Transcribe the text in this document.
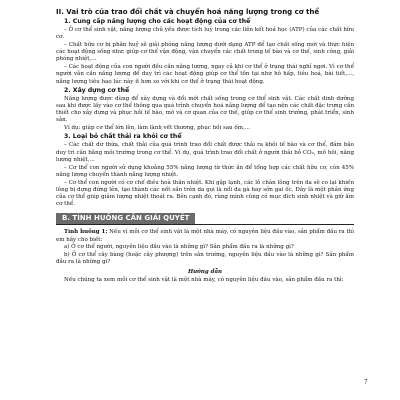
II. Vai trò của trao đổi chất và chuyển hoá năng lượng trong cơ thể
1. Cung cấp năng lượng cho các hoạt động của cơ thể

– Ở cơ thể sinh vật, năng lượng chủ yếu được tích luỹ trong các liên kết hoá học (ATP) của các chất hữu cơ.

– Chất hữu cơ bị phân huỷ sẽ giải phóng năng lượng dưới dạng ATP để tạo chất sống mới và thực hiện các hoạt động sống như: giúp cơ thể vận động, vận chuyển các chất trong tế bào và cơ thể, sinh công, giải phóng nhiệt,...

– Các hoạt động của con người đều cần năng lượng, ngay cả khi cơ thể ở trạng thái nghỉ ngơi. Vì cơ thể người vẫn cần năng lượng để duy trì các hoạt động giúp cơ thể tồn tại như hô hấp, tiêu hoá, bài tiết,..., năng lượng tiêu hao lúc này ít hơn so với khi cơ thể ở trạng thái hoạt động.

2. Xây dựng cơ thể

Năng lượng được dùng để xây dựng và đổi mới chất sống trong cơ thể sinh vật. Các chất dinh dưỡng sau khi được lấy vào cơ thể thông qua quá trình chuyển hoá năng lượng để tạo nên các chất đặc trưng cần thiết cho xây dựng và phục hồi tế bào, mô và cơ quan của cơ thể, giúp cơ thể sinh trưởng, phát triển, sinh sản.

Ví dụ: giúp cơ thể lớn lên, làm lành vết thương, phục hồi sau ốm,...

3. Loại bỏ chất thải ra khỏi cơ thể

– Các chất dư thừa, chất thải của quá trình trao đổi chất được thải ra khỏi tế bào và cơ thể, đảm bảo duy trì cân bằng môi trường trong cơ thể. Ví dụ, quá trình trao đổi chất ở người thải bỏ CO₂, mồ hôi, năng lượng nhiệt,...

– Cơ thể con người sử dụng khoảng 55% năng lượng từ thức ăn để tổng hợp các chất hữu cơ, còn 45% năng lượng chuyển thành năng lượng nhiệt.

– Cơ thể con người có cơ chế điều hoà thân nhiệt. Khi gặp lạnh, các lỗ chân lông trên da sẽ co lại khiến lông bị dựng đứng lên, tạo thành các nốt sần trên da gọi là nổi da gà hay sởn gai ốc. Đây là một phản ứng của cơ thể giúp giảm lượng nhiệt thoát ra. Bên cạnh đó, rùng mình cũng có mục đích sinh nhiệt và giữ ấm cơ thể.

B. TÌNH HUỐNG CẦN GIẢI QUYẾT

Tình huống 1: Nếu ví mỗi cơ thể sinh vật là một nhà máy, có nguyên liệu đầu vào, sản phẩm đầu ra thì em hãy cho biết:

a) Ở cơ thể người, nguyên liệu đầu vào là những gì? Sản phẩm đầu ra là những gì?

b) Ở cơ thể cây bàng (hoặc cây phượng) trên sân trường, nguyên liệu đầu vào là những gì? Sản phẩm đầu ra là những gì?

Hướng dẫn

Nếu chúng ta xem mỗi cơ thể sinh vật là một nhà máy, có nguyên liệu đầu vào, sản phẩm đầu ra thì:

7
